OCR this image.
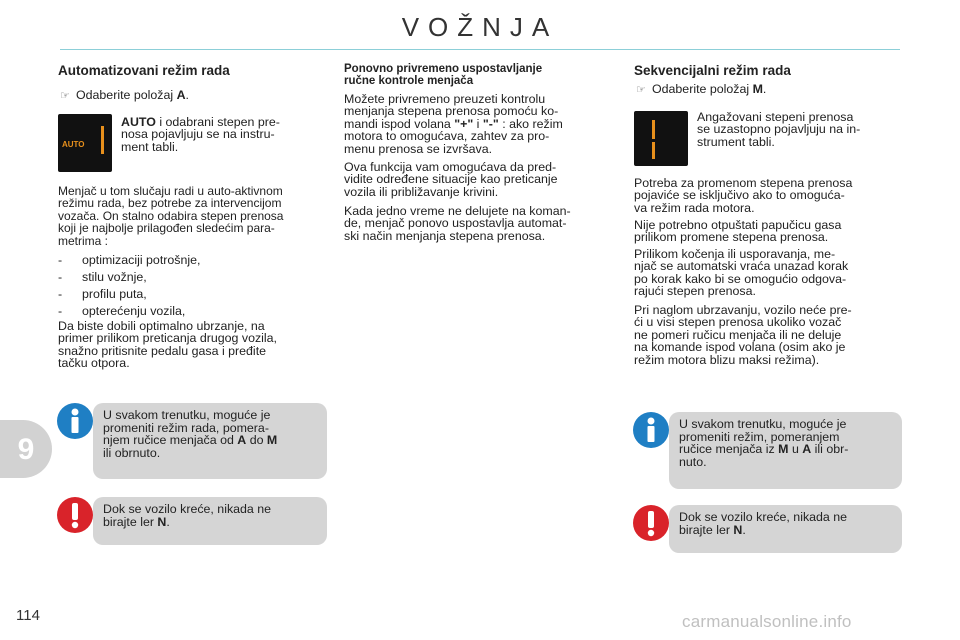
VOŽNJA
Automatizovani režim rada
☞ Odaberite položaj A.
AUTO
AUTO i odabrani stepen pre-
nosa pojavljuju se na instru-
ment tabli.
Menjač u tom slučaju radi u auto-aktivnom
režimu rada, bez potrebe za intervencijom
vozača. On stalno odabira stepen prenosa
koji je najbolje prilagođen sledećim para-
metrima :
- optimizaciji potrošnje,
- stilu vožnje,
- profilu puta,
- opterećenju vozila,
Da biste dobili optimalno ubrzanje, na
primer prilikom preticanja drugog vozila,
snažno pritisnite pedalu gasa i pređite
tačku otpora.
U svakom trenutku, moguće je
promeniti režim rada, pomera-
njem ručice menjača od A do M
ili obrnuto.
Dok se vozilo kreće, nikada ne
birajte ler N.
Ponovno privremeno uspostavljanje
ručne kontrole menjača
Možete privremeno preuzeti kontrolu
menjanja stepena prenosa pomoću ko-
mandi ispod volana "+" i "-" : ako režim
motora to omogućava, zahtev za pro-
menu prenosa se izvršava.
Ova funkcija vam omogućava da pred-
vidite određene situacije kao preticanje
vozila ili približavanje krivini.
Kada jedno vreme ne delujete na koman-
de, menjač ponovo uspostavlja automat-
ski način menjanja stepena prenosa.
Sekvencijalni režim rada
☞ Odaberite položaj M.
Angažovani stepeni prenosa
se uzastopno pojavljuju na in-
strument tabli.
Potreba za promenom stepena prenosa
pojaviće se isključivo ako to omogućа-
va režim rada motora.
Nije potrebno otpuštati papučicu gasa
prilikom promene stepena prenosa.
Prilikom kočenja ili usporavanja, me-
njač se automatski vraća unazad korak
po korak kako bi se omogućio odgova-
rajući stepen prenosa.
Pri naglom ubrzavanju, vozilo neće pre-
ći u visi stepen prenosa ukoliko vozač
ne pomeri ručicu menjača ili ne deluje
na komande ispod volana (osim ako je
režim motora blizu maksi režima).
U svakom trenutku, moguće je
promeniti režim, pomeranjem
ručice menjača iz M u A ili obr-
nuto.
Dok se vozilo kreće, nikada ne
birajte ler N.
9
114	carmanualsonline.info
